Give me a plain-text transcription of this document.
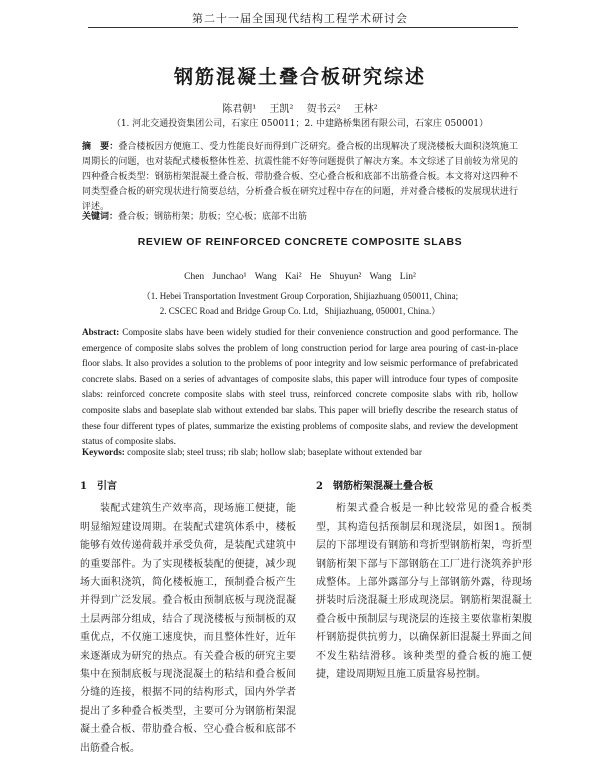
第二十一届全国现代结构工程学术研讨会
钢筋混凝土叠合板研究综述
陈君朝¹ 王凯² 贺书云² 王林²
（1. 河北交通投资集团公司，石家庄 050011；2. 中建路桥集团有限公司，石家庄 050001）
摘　要：叠合楼板因方便施工、受力性能良好而得到广泛研究。叠合板的出现解决了现浇楼板大面积浇筑施工周期长的问题，也对装配式楼板整体性差、抗震性能不好等问题提供了解决方案。本文综述了目前较为常见的四种叠合板类型：钢筋桁架混凝土叠合板、带肋叠合板、空心叠合板和底部不出筋叠合板。本文将对这四种不同类型叠合板的研究现状进行简要总结，分析叠合板在研究过程中存在的问题，并对叠合楼板的发展现状进行评述。
关键词：叠合板；钢筋桁架；肋板；空心板；底部不出筋
REVIEW OF REINFORCED CONCRETE COMPOSITE SLABS
Chen Junchao¹ Wang Kai² He Shuyun² Wang Lin²
（1. Hebei Transportation Investment Group Corporation, Shijiazhuang 050011, China;
2. CSCEC Road and Bridge Group Co. Ltd，Shijiazhuang, 050001, China.）
Abstract: Composite slabs have been widely studied for their convenience construction and good performance. The emergence of composite slabs solves the problem of long construction period for large area pouring of cast-in-place floor slabs. It also provides a solution to the problems of poor integrity and low seismic performance of prefabricated concrete slabs. Based on a series of advantages of composite slabs, this paper will introduce four types of composite slabs: reinforced concrete composite slabs with steel truss, reinforced concrete composite slabs with rib, hollow composite slabs and baseplate slab without extended bar slabs. This paper will briefly describe the research status of these four different types of plates, summarize the existing problems of composite slabs, and review the development status of composite slabs.
Keywords: composite slab; steel truss; rib slab; hollow slab; baseplate without extended bar
1　引言
装配式建筑生产效率高，现场施工便捷，能明显缩短建设周期。在装配式建筑体系中，楼板能够有效传递荷载并承受负荷，是装配式建筑中的重要部件。为了实现楼板装配的便捷，减少现场大面积浇筑，简化楼板施工，预制叠合板产生并得到广泛发展。叠合板由预制底板与现浇混凝土层两部分组成，结合了现浇楼板与预制板的双重优点，不仅施工速度快，而且整体性好，近年来逐渐成为研究的热点。有关叠合板的研究主要集中在预制底板与现浇混凝土的粘结和叠合板间分缝的连接，根据不同的结构形式，国内外学者提出了多种叠合板类型，主要可分为钢筋桁架混凝土叠合板、带肋叠合板、空心叠合板和底部不出筋叠合板。
2　钢筋桁架混凝土叠合板
桁架式叠合板是一种比较常见的叠合板类型，其构造包括预制层和现浇层，如图1。预制层的下部埋设有钢筋和弯折型钢筋桁架，弯折型钢筋桁架下部与下部钢筋在工厂进行浇筑养护形成整体。上部外露部分与上部钢筋外露，待现场拼装时后浇混凝土形成现浇层。钢筋桁架混凝土叠合板中预制层与现浇层的连接主要依靠桁架腹杆钢筋提供抗剪力，以确保新旧混凝土界面之间不发生粘结滑移。该种类型的叠合板的施工便捷，建设周期短且施工质量容易控制。
